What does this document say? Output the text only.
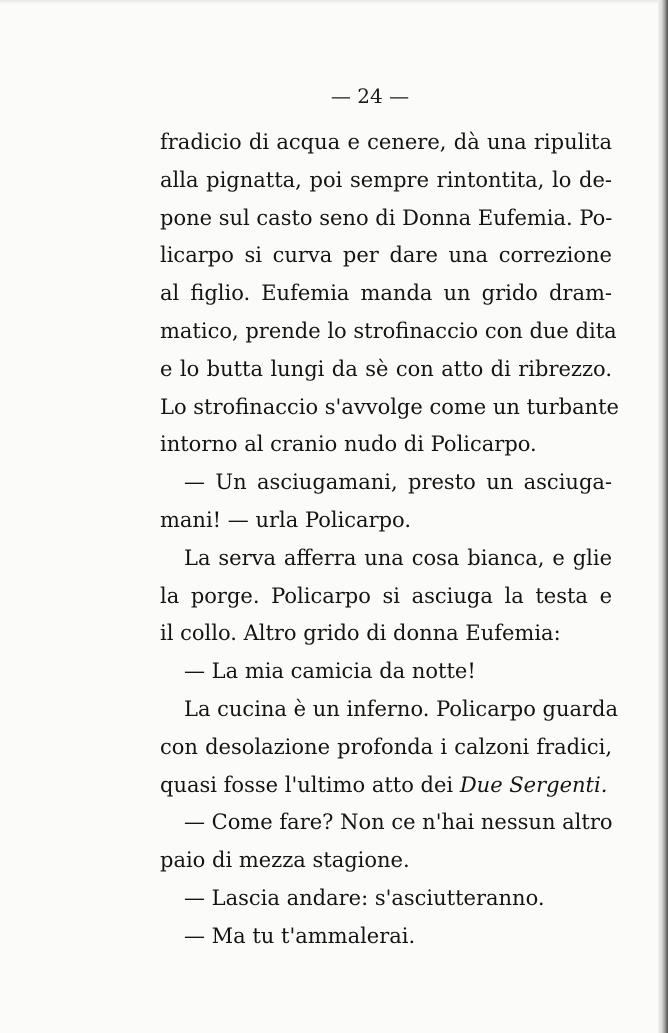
— 24 —
fradicio di acqua e cenere, dà una ripulita
alla pignatta, poi sempre rintontita, lo de-
pone sul casto seno di Donna Eufemia. Po-
licarpo si curva per dare una correzione
al figlio. Eufemia manda un grido dram-
matico, prende lo strofinaccio con due dita
e lo butta lungi da sè con atto di ribrezzo.
Lo strofinaccio s'avvolge come un turbante
intorno al cranio nudo di Policarpo.
— Un asciugamani, presto un asciuga-
mani! — urla Policarpo.
La serva afferra una cosa bianca, e glie
la porge. Policarpo si asciuga la testa e
il collo. Altro grido di donna Eufemia:
— La mia camicia da notte!
La cucina è un inferno. Policarpo guarda
con desolazione profonda i calzoni fradici,
quasi fosse l'ultimo atto dei Due Sergenti.
— Come fare? Non ce n'hai nessun altro
paio di mezza stagione.
— Lascia andare: s'asciutteranno.
— Ma tu t'ammalerai.
